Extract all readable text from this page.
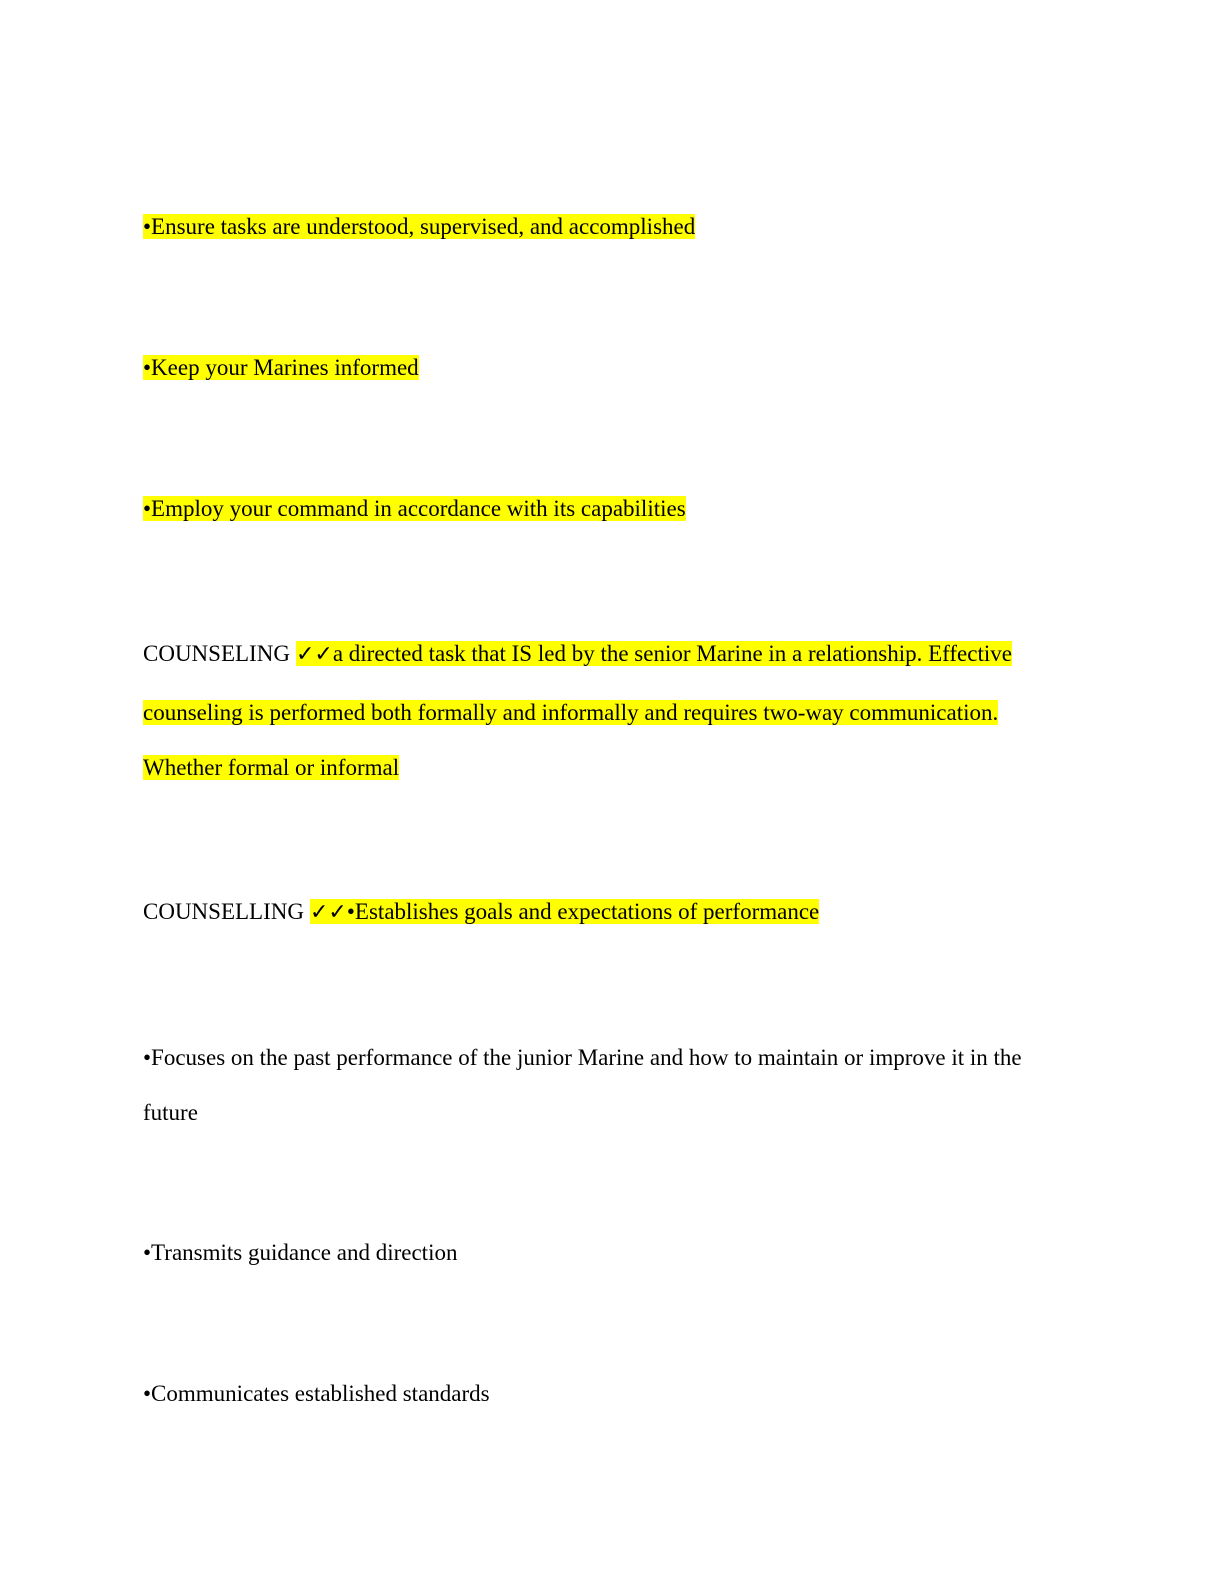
•Ensure tasks are understood, supervised, and accomplished
•Keep your Marines informed
•Employ your command in accordance with its capabilities
COUNSELING ✓✓a directed task that IS led by the senior Marine in a relationship. Effective
counseling is performed both formally and informally and requires two-way communication.
Whether formal or informal
COUNSELLING ✓✓•Establishes goals and expectations of performance
•Focuses on the past performance of the junior Marine and how to maintain or improve it in the
future
•Transmits guidance and direction
•Communicates established standards
